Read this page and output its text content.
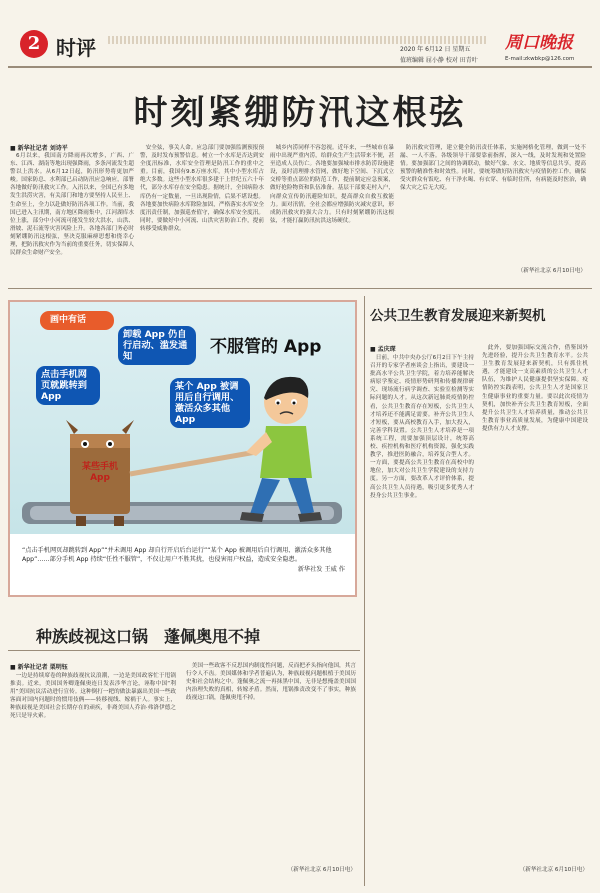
2 时评	2020 年 6月12 日 星期五
值班编辑 屈小静 校对 田青叶
周口晚报
E-mail:zkwbkp@126.com
时刻紧绷防汛这根弦
■ 新华社记者 刘诗平
　6月以来，我国南方降雨再次增多，广西、广东、江西、湖南等地出现强降雨，多条河流发生超警以上洪水。从6月12日起，防汛形势将更加严峻。国家防总、水利部已启动防汛应急响应，部署各地做好防汛救灾工作。入汛以来，全国已有多地发生洪涝灾害，有关部门和地方要坚持人民至上、生命至上，全力以赴做好防汛各项工作。当前，我国已进入主汛期，南方地区降雨集中，江河湖库水位上涨，部分中小河流可能发生较大洪水，山洪、滑坡、泥石流等灾害风险上升。各地各部门务必时刻紧绷防汛这根弦，坚决克服麻痹思想和侥幸心理，把防汛救灾作为当前的重要任务，切实保障人民群众生命财产安全。
　安全弦，事关人命。应急部门要加强监测预报预警，及时发布预警信息。树立一个水库是否达到安全度汛标准，水库安全管理是防汛工作的重中之重。目前，我国有9.8万座水库，其中小型水库占绝大多数。这些小型水库很多建于上世纪五六十年代，部分水库存在安全隐患。据统计，全国病险水库仍有一定数量，一旦出现险情，后果不堪设想。各地要加快病险水库除险加固，严格落实水库安全度汛责任制，加强巡查值守，确保水库安全度汛。同时，要做好中小河流、山洪灾害防治工作，提前转移受威胁群众。
　城乡内涝同样不容忽视。近年来，一些城市在暴雨中出现严重内涝，给群众生产生活带来不便，甚至造成人员伤亡。各地要加强城市排水防涝设施建设，及时清理排水管网，做好地下空间、下沉式立交桥等重点部位的防范工作，提前制定应急预案，做好抢险物资和队伍准备。基层干部要走村入户，向群众宣传防汛避险知识，提高群众自救互救能力。面对汛情，全社会都应增强防灾减灾意识，形成防汛救灾的强大合力。只有时刻紧绷防汛这根弦，才能打赢防汛抗洪这场硬仗。
　防汛救灾管理，建立健全防汛责任体系，实施网格化管理，做到一处不漏、一人不落。各级领导干部要靠前指挥，深入一线，及时发现和处置险情。要加强部门之间的协调联动，做好气象、水文、地质等信息共享，提高预警的精准性和时效性。同时，要统筹做好防汛救灾与疫情防控工作，确保受灾群众有饭吃、有干净水喝、有衣穿、有临时住所，有病能及时医治，确保大灾之后无大疫。
（新华社北京 6月10日电）
画中有话
不服管的 App
卸载 App 仍自行启动、滥发通知
点击手机网页就跳转到 App
某个 App 被调用后自行调用、激活众多其他 App
某些手机App
“点击手机网页却跳转到 App”“并未调用 App 却自行开启后台运行”“某个 App 被调用后自行调用、激活众多其他 App”……部分手机 App 持续“任性不服管”，不仅让用户不胜其扰，也侵害用户权益，造成安全隐患。
新华社发 王威 作
公共卫生教育发展迎来新契机
■ 孟庆琛
　日前，中共中央办公厅6月2日下午主持召开的专家学者座谈会上指出，要建设一批高水平公共卫生学院，着力培养能解决病原学鉴定、疫情形势研判和传播规律研究、现场流行病学调查、实验室检测等实际问题的人才。从这次新冠肺炎疫情防控看，公共卫生教育存在短板，公共卫生人才培养还不能满足需要。补齐公共卫生人才短板，要从高校教育入手，加大投入，完善学科设置。公共卫生人才培养是一项系统工程，需要加强顶层设计，统筹高校、疾控机构和医疗机构资源，强化实践教学，推进医防融合，培养复合型人才。一方面，要提高公共卫生教育在高校中的地位，加大对公共卫生学院建设的支持力度。另一方面，要改革人才评价体系，提高公共卫生人员待遇，吸引更多优秀人才投身公共卫生事业。
　此外，要加强国际交流合作，借鉴国外先进经验，提升公共卫生教育水平。公共卫生教育发展迎来新契机，只有抓住机遇，才能建设一支高素质的公共卫生人才队伍，为维护人民健康提供坚实保障。疫情防控实践表明，公共卫生人才是国家卫生健康事业的重要力量。要以此次疫情为契机，加快补齐公共卫生教育短板，全面提升公共卫生人才培养质量，推动公共卫生教育事业高质量发展，为健康中国建设提供有力人才支撑。
（新华社北京 6月10日电）
种族歧视这口锅　蓬佩奥甩不掉
■ 新华社记者 栗明钰
　一边是持续席卷的种族歧视抗议浪潮，一边是美国政客忙于甩锅推责。近来，美国国务卿蓬佩奥连日发表涉华言论，诬称中国“利用”美国抗议活动进行宣传。这种倒打一耙的做法暴露出美国一些政客面对国内问题时的惯用伎俩——转移视线、嫁祸于人。事实上，种族歧视是美国社会长期存在的顽疾，非裔美国人乔治·弗洛伊德之死只是导火索。
　美国一些政客不反思国内制度性问题，反而把矛头指向他国，其言行令人不齿。美国媒体和学者普遍认为，种族歧视问题根植于美国历史和社会结构之中。蓬佩奥之流一再抹黑中国，无非是想掩盖美国国内治理失败的真相，转嫁矛盾。然而，甩锅推责改变不了事实，种族歧视这口锅，蓬佩奥甩不掉。
（新华社北京 6月10日电）
